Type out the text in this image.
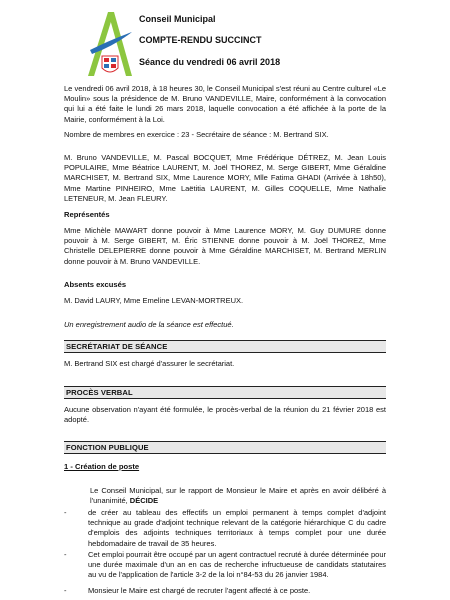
Conseil Municipal
COMPTE-RENDU SUCCINCT
Séance du vendredi 06 avril 2018

Le vendredi 06 avril 2018, à 18 heures 30, le Conseil Municipal s'est réuni au Centre culturel «Le Moulin» sous la présidence de M. Bruno VANDEVILLE, Maire, conformément à la convocation qui lui a été faite le lundi 26 mars 2018, laquelle convocation a été affichée à la porte de la Mairie, conformément à la Loi.

Nombre de membres en exercice : 23 - Secrétaire de séance : M. Bertrand SIX.

M. Bruno VANDEVILLE, M. Pascal BOCQUET, Mme Frédérique DÉTREZ, M. Jean Louis POPULAIRE, Mme Béatrice LAURENT, M. Joël THOREZ, M. Serge GIBERT, Mme Géraldine MARCHISET, M. Bertrand SIX, Mme Laurence MORY, Mlle Fatima GHADI (Arrivée à 18h50), Mme Martine PINHEIRO, Mme Laëtitia LAURENT, M. Gilles COQUELLE, Mme Nathalie LETENEUR, M. Jean FLEURY.

Représentés

Mme Michèle MAWART donne pouvoir à Mme Laurence MORY, M. Guy DUMURE donne pouvoir à M. Serge GIBERT, M. Éric STIENNE donne pouvoir à M. Joël THOREZ, Mme Christelle DELEPIERRE donne pouvoir à Mme Géraldine MARCHISET, M. Bertrand MERLIN donne pouvoir à M. Bruno VANDEVILLE.

Absents excusés

M. David LAURY, Mme Emeline LEVAN-MORTREUX.

Un enregistrement audio de la séance est effectué.

SECRÉTARIAT DE SÉANCE

M. Bertrand SIX est chargé d'assurer le secrétariat.

PROCÈS VERBAL

Aucune observation n'ayant été formulée, le procès-verbal de la réunion du 21 février 2018 est adopté.

FONCTION PUBLIQUE
1 - Création de poste

Le Conseil Municipal, sur le rapport de Monsieur le Maire et après en avoir délibéré à l'unanimité, DÉCIDE

-	de créer au tableau des effectifs un emploi permanent à temps complet d'adjoint technique au grade d'adjoint technique relevant de la catégorie hiérarchique C du cadre d'emplois des adjoints techniques territoriaux à temps complet pour une durée hebdomadaire de travail de 35 heures.
-	Cet emploi pourrait être occupé par un agent contractuel recruté à durée déterminée pour une durée maximale d'un an en cas de recherche infructueuse de candidats statutaires au vu de l'application de l'article 3-2 de la loi n°84-53 du 26 janvier 1984.
-	Monsieur le Maire est chargé de recruter l'agent affecté à ce poste.
